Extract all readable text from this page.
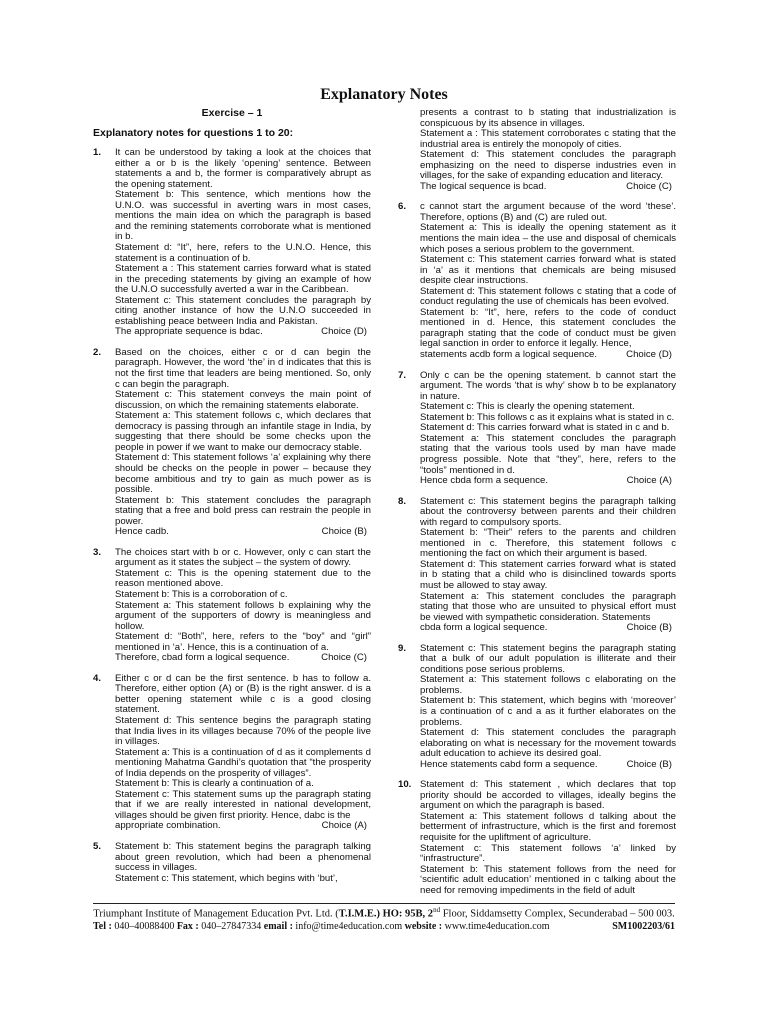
Explanatory Notes
Exercise – 1
Explanatory notes for questions 1 to 20:
1. It can be understood by taking a look at the choices that either a or b is the likely ‘opening’ sentence. Between statements a and b, the former is comparatively abrupt as the opening statement.

Statement b: This sentence, which mentions how the U.N.O. was successful in averting wars in most cases, mentions the main idea on which the paragraph is based and the remining statements corroborate what is mentioned in b.

Statement d: “It”, here, refers to the U.N.O. Hence, this statement is a continuation of b.

Statement a : This statement carries forward what is stated in the preceding statements by giving an example of how the U.N.O successfully averted a war in the Caribbean.

Statement c: This statement concludes the paragraph by citing another instance of how the U.N.O succeeded in establishing peace between India and Pakistan.

The appropriate sequence is bdac.	Choice (D)
2. Based on the choices, either c or d can begin the paragraph. However, the word ‘the’ in d indicates that this is not the first time that leaders are being mentioned. So, only c can begin the paragraph.

Statement c: This statement conveys the main point of discussion, on which the remaining statements elaborate.

Statement a: This statement follows c, which declares that democracy is passing through an infantile stage in India, by suggesting that there should be some checks upon the people in power if we want to make our democracy stable.

Statement d: This statement follows ‘a’ explaining why there should be checks on the people in power – because they become ambitious and try to gain as much power as is possible.

Statement b: This statement concludes the paragraph stating that a free and bold press can restrain the people in power.

Hence cadb.	Choice (B)
3. The choices start with b or c. However, only c can start the argument as it states the subject – the system of dowry.

Statement c: This is the opening statement due to the reason mentioned above.

Statement b: This is a corroboration of c.

Statement a: This statement follows b explaining why the argument of the supporters of dowry is meaningless and hollow.

Statement d: “Both”, here, refers to the “boy” and “girl” mentioned in ‘a’. Hence, this is a continuation of a.

Therefore, cbad form a logical sequence.	Choice (C)
4. Either c or d can be the first sentence. b has to follow a. Therefore, either option (A) or (B) is the right answer. d is a better opening statement while c is a good closing statement.

Statement d: This sentence begins the paragraph stating that India lives in its villages because 70% of the people live in villages.

Statement a: This is a continuation of d as it complements d mentioning Mahatma Gandhi’s quotation that “the prosperity of India depends on the prosperity of villages”.

Statement b: This is clearly a continuation of a.

Statement c: This statement sums up the paragraph stating that if we are really interested in national development, villages should be given first priority. Hence, dabc is the

appropriate combination.	Choice (A)
5. Statement b: This statement begins the paragraph talking about green revolution, which had been a phenomenal success in villages.

Statement c: This statement, which begins with ‘but’,

presents a contrast to b stating that industrialization is conspicuous by its absence in villages.

Statement a : This statement corroborates c stating that the industrial area is entirely the monopoly of cities.

Statement d: This statement concludes the paragraph emphasizing on the need to disperse industries even in villages, for the sake of expanding education and literacy.

The logical sequence is bcad.	Choice (C)
6. c cannot start the argument because of the word ‘these’. Therefore, options (B) and (C) are ruled out.

Statement a: This is ideally the opening statement as it mentions the main idea – the use and disposal of chemicals which poses a serious problem to the government.

Statement c: This statement carries forward what is stated in ‘a’ as it mentions that chemicals are being misused despite clear instructions.

Statement d: This statement follows c stating that a code of conduct regulating the use of chemicals has been evolved.

Statement b: “It”, here, refers to the code of conduct mentioned in d. Hence, this statement concludes the paragraph stating that the code of conduct must be given legal sanction in order to enforce it legally. Hence,

statements acdb form a logical sequence.	Choice (D)
7. Only c can be the opening statement. b cannot start the argument. The words ‘that is why’ show b to be explanatory in nature.

Statement c: This is clearly the opening statement.

Statement b: This follows c as it explains what is stated in c.

Statement d: This carries forward what is stated in c and b.

Statement a: This statement concludes the paragraph stating that the various tools used by man have made progress possible. Note that “they”, here, refers to the “tools” mentioned in d.

Hence cbda form a sequence.	Choice (A)
8. Statement c: This statement begins the paragraph talking about the controversy between parents and their children with regard to compulsory sports.

Statement b: “Their” refers to the parents and children mentioned in c. Therefore, this statement follows c mentioning the fact on which their argument is based.

Statement d: This statement carries forward what is stated in b stating that a child who is disinclined towards sports must be allowed to stay away.

Statement a: This statement concludes the paragraph stating that those who are unsuited to physical effort must be viewed with sympathetic consideration. Statements

cbda form a logical sequence.	Choice (B)
9. Statement c: This statement begins the paragraph stating that a bulk of our adult population is illiterate and their conditions pose serious problems.

Statement a: This statement follows c elaborating on the problems.

Statement b: This statement, which begins with ‘moreover’ is a continuation of c and a as it further elaborates on the problems.

Statement d: This statement concludes the paragraph elaborating on what is necessary for the movement towards adult education to achieve its desired goal.

Hence statements cabd form a sequence.	Choice (B)
10. Statement d: This statement , which declares that top priority should be accorded to villages, ideally begins the argument on which the paragraph is based.

Statement a: This statement follows d talking about the betterment of infrastructure, which is the first and foremost requisite for the upliftment of agriculture.

Statement c: This statement follows ‘a’ linked by “infrastructure”.

Statement b: This statement follows from the need for ‘scientific adult education’ mentioned in c talking about the need for removing impediments in the field of adult

Triumphant Institute of Management Education Pvt. Ltd. (T.I.M.E.) HO: 95B, 2nd Floor, Siddamsetty Complex, Secunderabad – 500 003.
Tel : 040–40088400 Fax : 040–27847334 email : info@time4education.com website : www.time4education.com	SM1002203/61
